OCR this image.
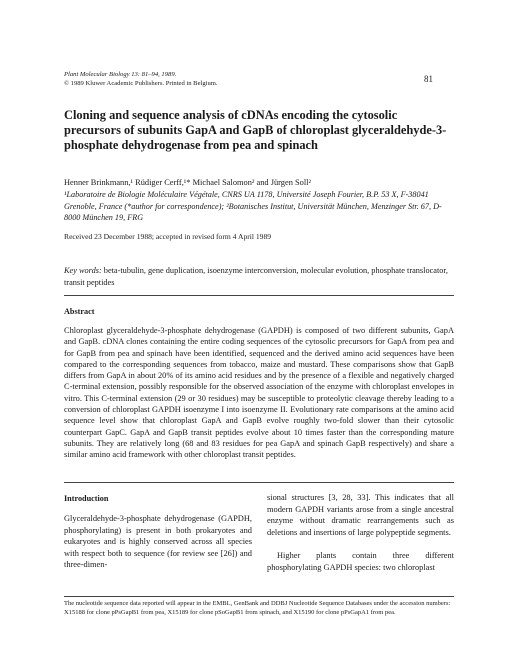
Plant Molecular Biology 13: 81–94, 1989.
© 1989 Kluwer Academic Publishers. Printed in Belgium.	81
Cloning and sequence analysis of cDNAs encoding the cytosolic precursors of subunits GapA and GapB of chloroplast glyceraldehyde-3-phosphate dehydrogenase from pea and spinach
Henner Brinkmann,¹ Rüdiger Cerff,¹* Michael Salomon² and Jürgen Soll²
¹Laboratoire de Biologie Moléculaire Végétale, CNRS UA 1178, Université Joseph Fourier, B.P. 53 X, F-38041 Grenoble, France (*author for correspondence); ²Botanisches Institut, Universität München, Menzinger Str. 67, D-8000 München 19, FRG
Received 23 December 1988; accepted in revised form 4 April 1989
Key words: beta-tubulin, gene duplication, isoenzyme interconversion, molecular evolution, phosphate translocator, transit peptides
Abstract
Chloroplast glyceraldehyde-3-phosphate dehydrogenase (GAPDH) is composed of two different subunits, GapA and GapB. cDNA clones containing the entire coding sequences of the cytosolic precursors for GapA from pea and for GapB from pea and spinach have been identified, sequenced and the derived amino acid sequences have been compared to the corresponding sequences from tobacco, maize and mustard. These comparisons show that GapB differs from GapA in about 20% of its amino acid residues and by the presence of a flexible and negatively charged C-terminal extension, possibly responsible for the observed association of the enzyme with chloroplast envelopes in vitro. This C-terminal extension (29 or 30 residues) may be susceptible to proteolytic cleavage thereby leading to a conversion of chloroplast GAPDH isoenzyme I into isoenzyme II. Evolutionary rate comparisons at the amino acid sequence level show that chloroplast GapA and GapB evolve roughly two-fold slower than their cytosolic counterpart GapC. GapA and GapB transit peptides evolve about 10 times faster than the corresponding mature subunits. They are relatively long (68 and 83 residues for pea GapA and spinach GapB respectively) and share a similar amino acid framework with other chloroplast transit peptides.
Introduction
Glyceraldehyde-3-phosphate dehydrogenase (GAPDH, phosphorylating) is present in both prokaryotes and eukaryotes and is highly conserved across all species with respect both to sequence (for review see [26]) and three-dimen-
sional structures [3, 28, 33]. This indicates that all modern GAPDH variants arose from a single ancestral enzyme without dramatic rearrangements such as deletions and insertions of large polypeptide segments.
Higher plants contain three different phosphorylating GAPDH species: two chloroplast
The nucleotide sequence data reported will appear in the EMBL, GenBank and DDBJ Nucleotide Sequence Databases under the accession numbers: X15188 for clone pPsGapB1 from pea, X15189 for clone pSoGapB1 from spinach, and X15190 for clone pPsGapA1 from pea.
